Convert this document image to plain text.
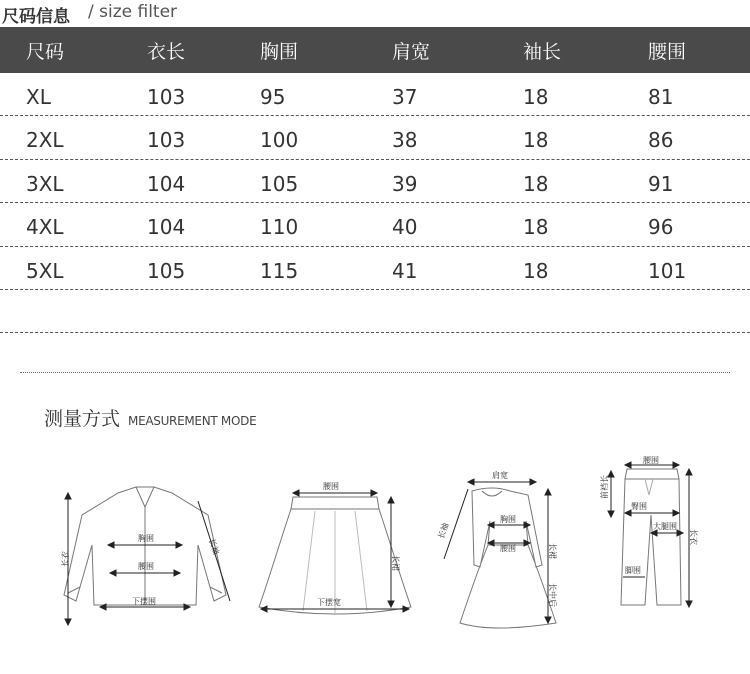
尺码信息 / size filter
尺码	衣长	胸围	肩宽	袖长	腰围
XL	103	95	37	18	81
2XL	103	100	38	18	86
3XL	104	105	39	18	91
4XL	104	110	40	18	96
5XL	105	115	41	18	101
测量方式 MEASUREMENT MODE
胸围
腰围
下摆围
长衣
长袖
腰围
下摆宽
长裙
肩宽
长袖
胸围
腰围	长裙
长中后
腰围
前裆长
臀围
大腿围
脚围
长衣
